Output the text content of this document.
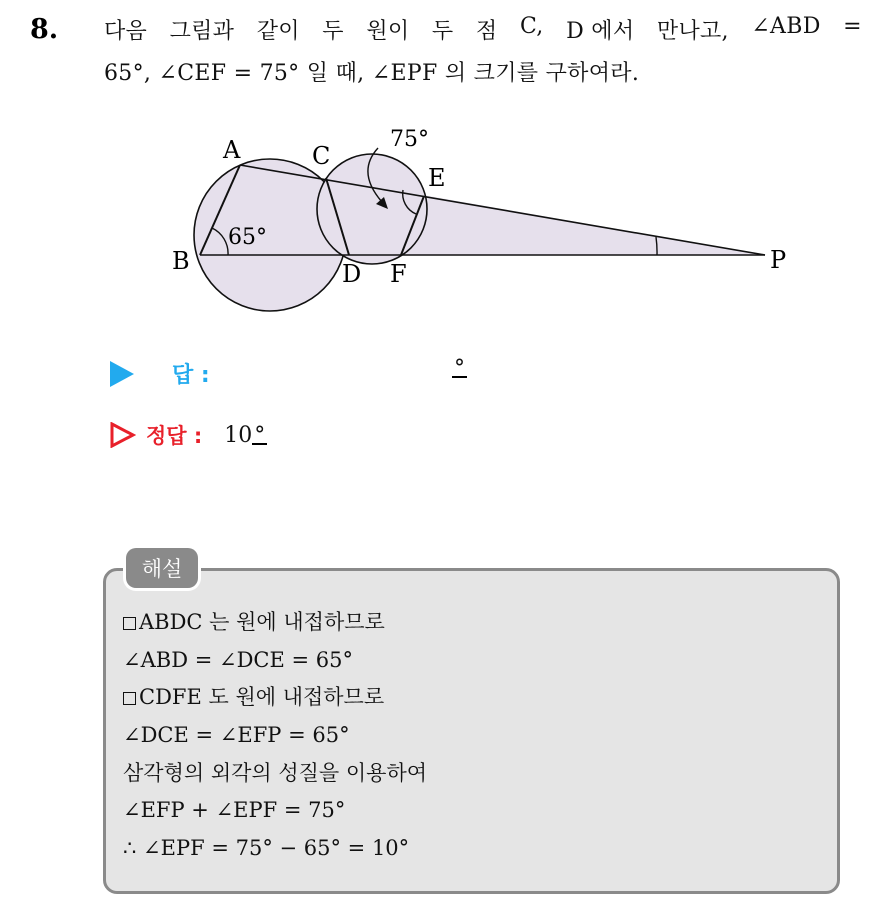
8. 다음 그림과 같이 두 원이 두 점 C, D 에서 만나고, ∠ABD =
65°, ∠CEF = 75° 일 때, ∠EPF 의 크기를 구하여라.
A
B
C
D
E
F	P
65°
75°
답 :	°
정답 : 10°
해설
ABDC 는 원에 내접하므로
∠ABD = ∠DCE = 65°
CDFE 도 원에 내접하므로
∠DCE = ∠EFP = 65°
삼각형의 외각의 성질을 이용하여
∠EFP + ∠EPF = 75°
∴ ∠EPF = 75° − 65° = 10°
